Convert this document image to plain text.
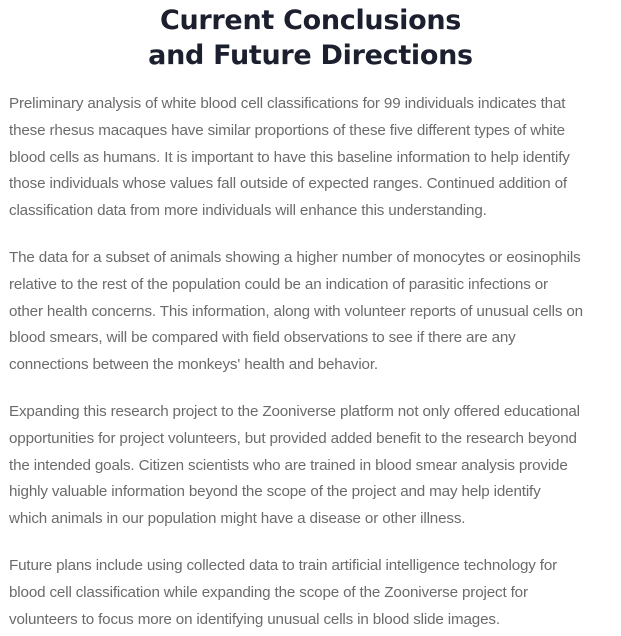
Current Conclusions
and Future Directions

Preliminary analysis of white blood cell classifications for 99 individuals indicates that
these rhesus macaques have similar proportions of these five different types of white
blood cells as humans. It is important to have this baseline information to help identify
those individuals whose values fall outside of expected ranges. Continued addition of
classification data from more individuals will enhance this understanding.

The data for a subset of animals showing a higher number of monocytes or eosinophils
relative to the rest of the population could be an indication of parasitic infections or
other health concerns. This information, along with volunteer reports of unusual cells on
blood smears, will be compared with field observations to see if there are any
connections between the monkeys' health and behavior.

Expanding this research project to the Zooniverse platform not only offered educational
opportunities for project volunteers, but provided added benefit to the research beyond
the intended goals. Citizen scientists who are trained in blood smear analysis provide
highly valuable information beyond the scope of the project and may help identify
which animals in our population might have a disease or other illness.

Future plans include using collected data to train artificial intelligence technology for
blood cell classification while expanding the scope of the Zooniverse project for
volunteers to focus more on identifying unusual cells in blood slide images.
